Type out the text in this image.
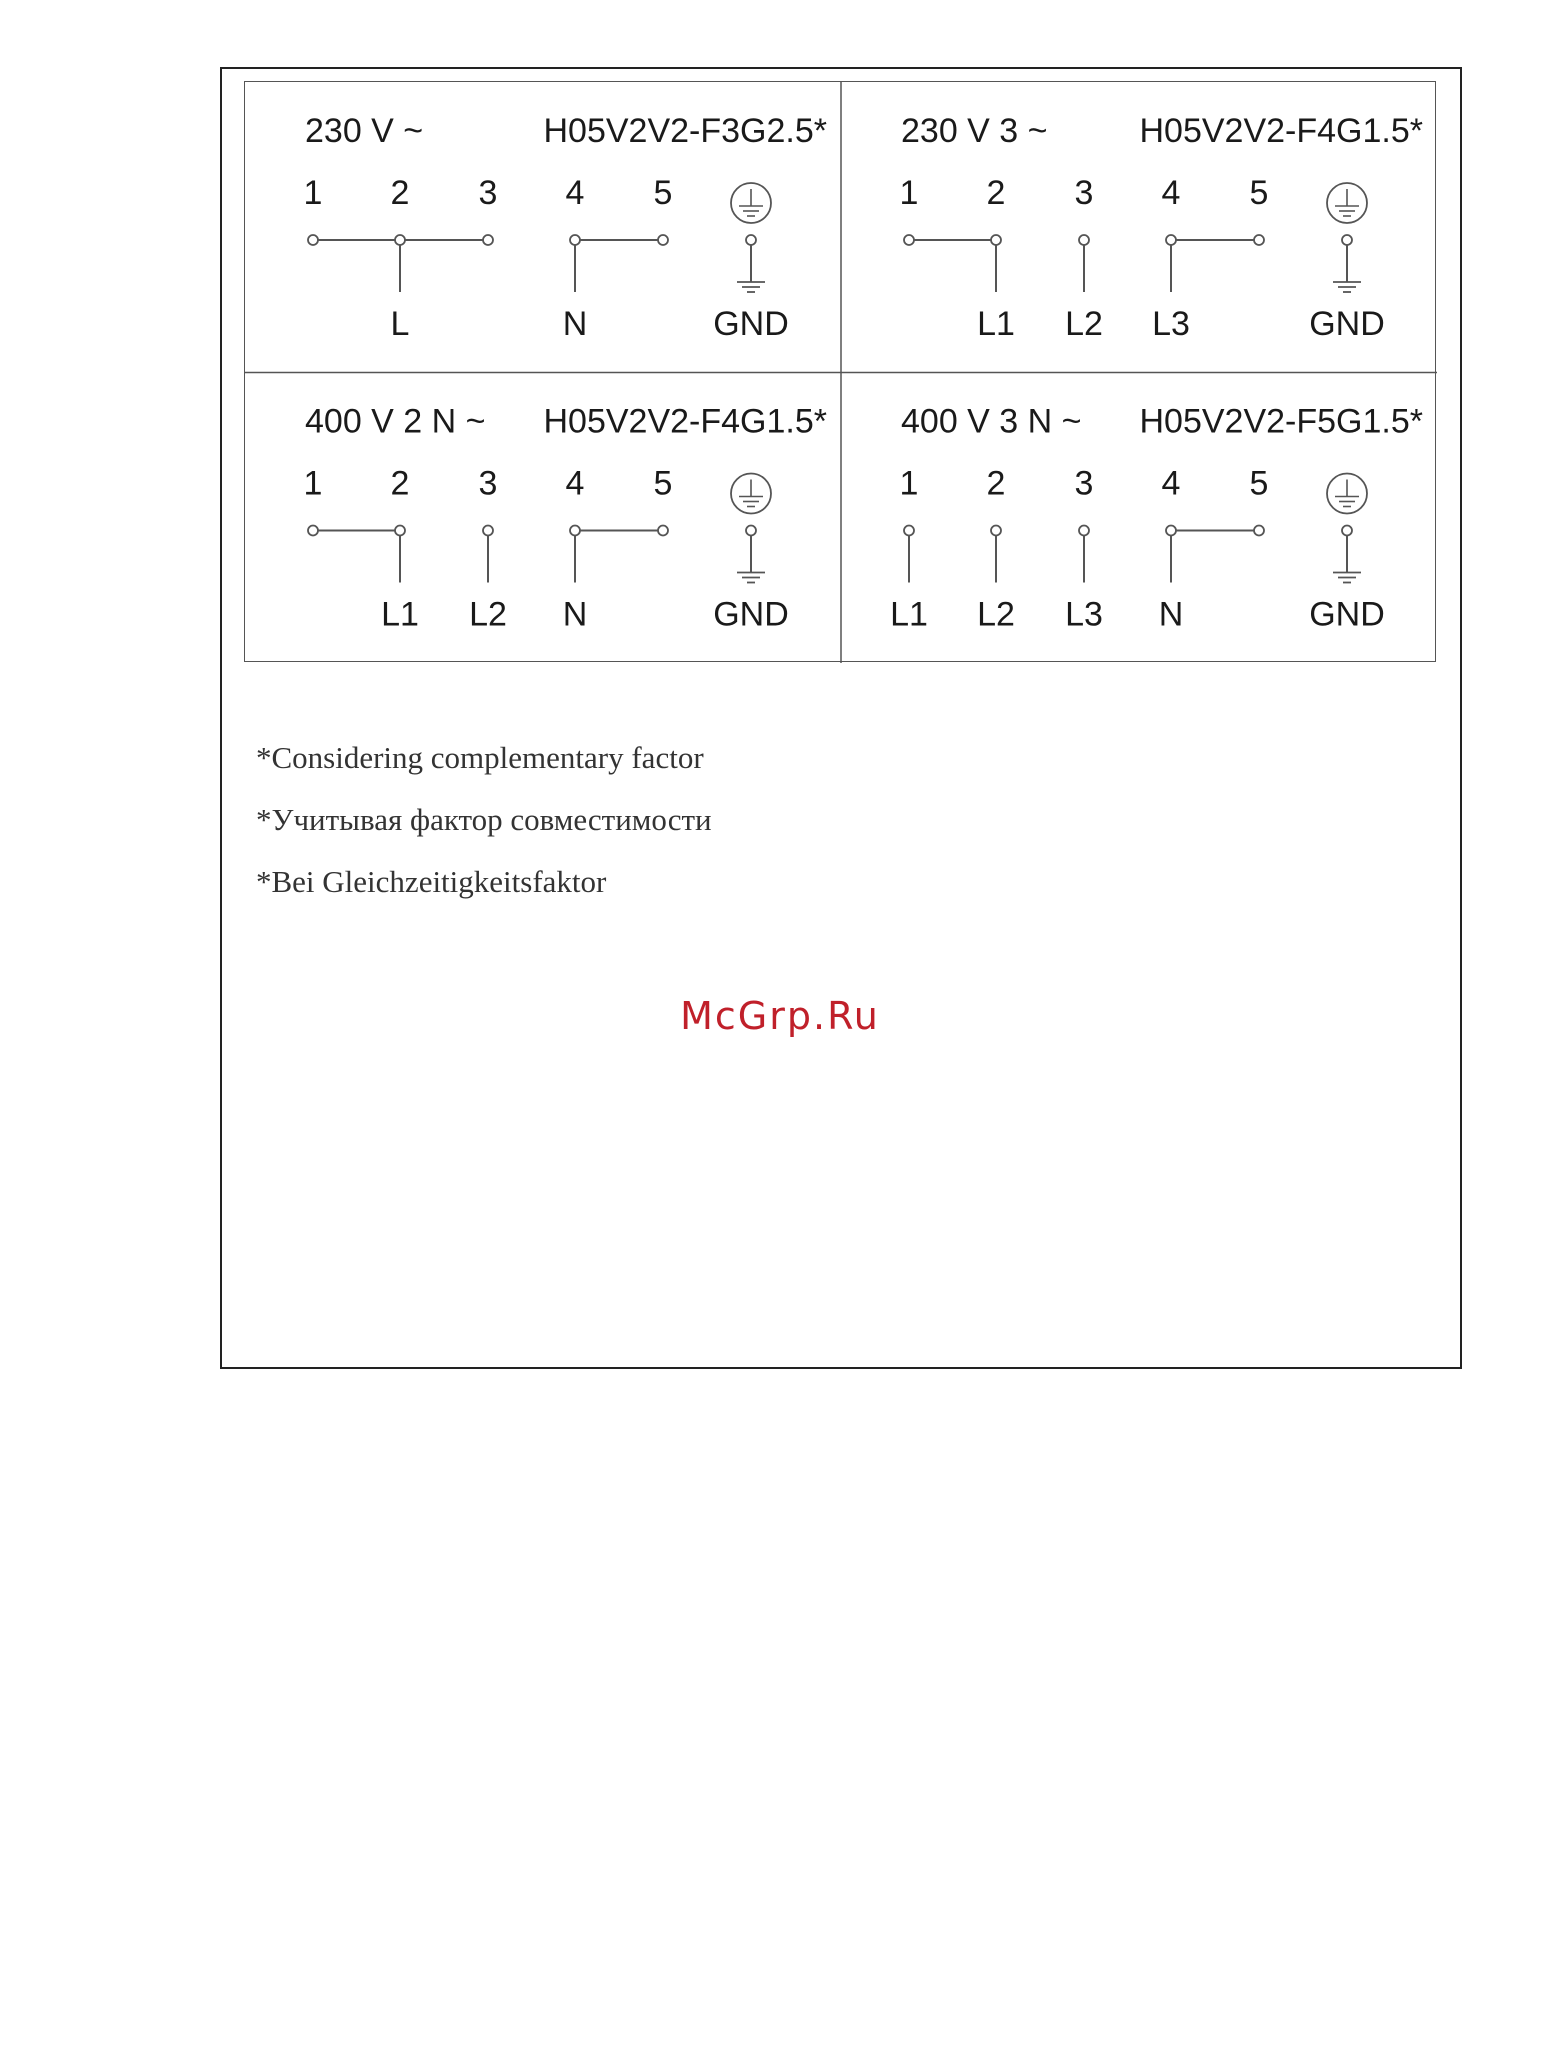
230 V ~	H05V2V2-F3G2.5*
L	N
1 2 3 4 5
GND
230 V 3 ~	H05V2V2-F4G1.5*
L1 L2 L3
1 2 3 4 5
GND
400 V 2 N ~ H05V2V2-F4G1.5*
L1 L2 N
1 2 3 4 5
GND
400 V 3 N ~ H05V2V2-F5G1.5*
L1 L2 L3 N
1 2 3 4 5
GND
*Considering complementary factor
*Учитывая фактор совместимости
*Bei Gleichzeitigkeitsfaktor
McGrp.Ru
